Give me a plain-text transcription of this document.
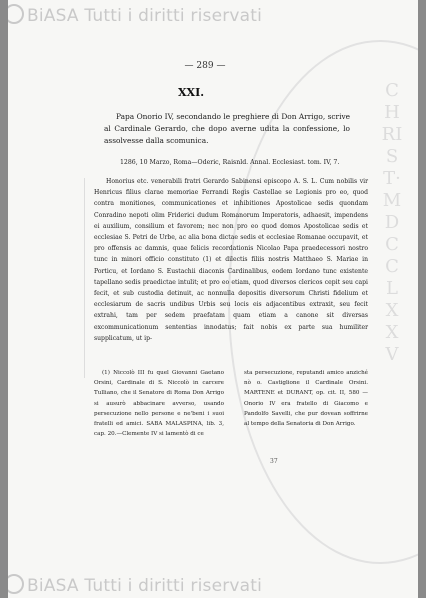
CHRIST·MDCCLXXV
BiASA Tutti i diritti riservati
— 289 —
XXI.
Papa Onorio IV, secondando le preghiere di Don Arrigo, scrive al Cardinale Gerardo, che dopo averne udita la confessione, lo assolvesse dalla scomunica.
1286, 10 Marzo, Roma—Oderic, Raisnld. Annal. Ecclesiast. tom. IV, 7.
Honorius etc. venerabili fratri Gerardo Sabinensi episcopo A. S. L. Cum nobilis vir Henricus filius clarae memoriae Ferrandi Regis Castellae se Legionis pro eo, quod contra monitiones, communicationes et inhibitiones Apostolicae sedis quondam Conradino nepoti olim Friderici dudum Romanorum Imperatoris, adhaesit, impendens ei auxilium, consilium et favorem; nec non pro eo quod domos Apostolicae sedis et ecclesiae S. Petri de Urbe, ac alia bona dictae sedis et ecclesiae Romanae occupavit, et pro offensis ac damnis, quae felicis recordationis Nicolao Papa praedecessori nostro tunc in minori officio constituto (1) et dilectis filiis nostris Matthaeo S. Mariae in Porticu, et Iordano S. Eustachii diaconis Cardinalibus, eodem Iordano tunc existente tapellano sedis praedictae intulit; et pro eo etiam, quod diversos clericos cepit seu capi fecit, et sub custodia detinuit, ac nonnulla depositis diversorum Christi fidelium et ecclesiarum de sacris undibus Urbis seu locis eis adjacentibus extraxit, seu fecit extrahi, tam per sedem praefatam quam etiam a canone sit diversas excommunicationum sententias innodatus; fait nobis ex parte sua humiliter supplicatum, ut ip-
(1) Niccolò III fu quel Giovanni Gaetano Orsini, Cardinale di S. Niccolò in carcere Tulliano, che il Senatore di Roma Don Arrigo si ausurò abbacinare avverso, usando persecuzione nello persone e ne'beni i suoi fratelli ed amici. SABA MALASPINA, lib. 3, cap. 20.—Clemente IV si lamentò di ce
sta persecuzione, reputandi amico anziché nò o. Castiglione il Cardinale Orsini. MARTENE et DURANT, op. cit. II, 580 — Onorio IV era fratello di Giacomo e Pandolfo Savelli, che pur dovean soffrirne al tempo della Senatoria di Don Arrigo.
37
BiASA Tutti i diritti riservati
